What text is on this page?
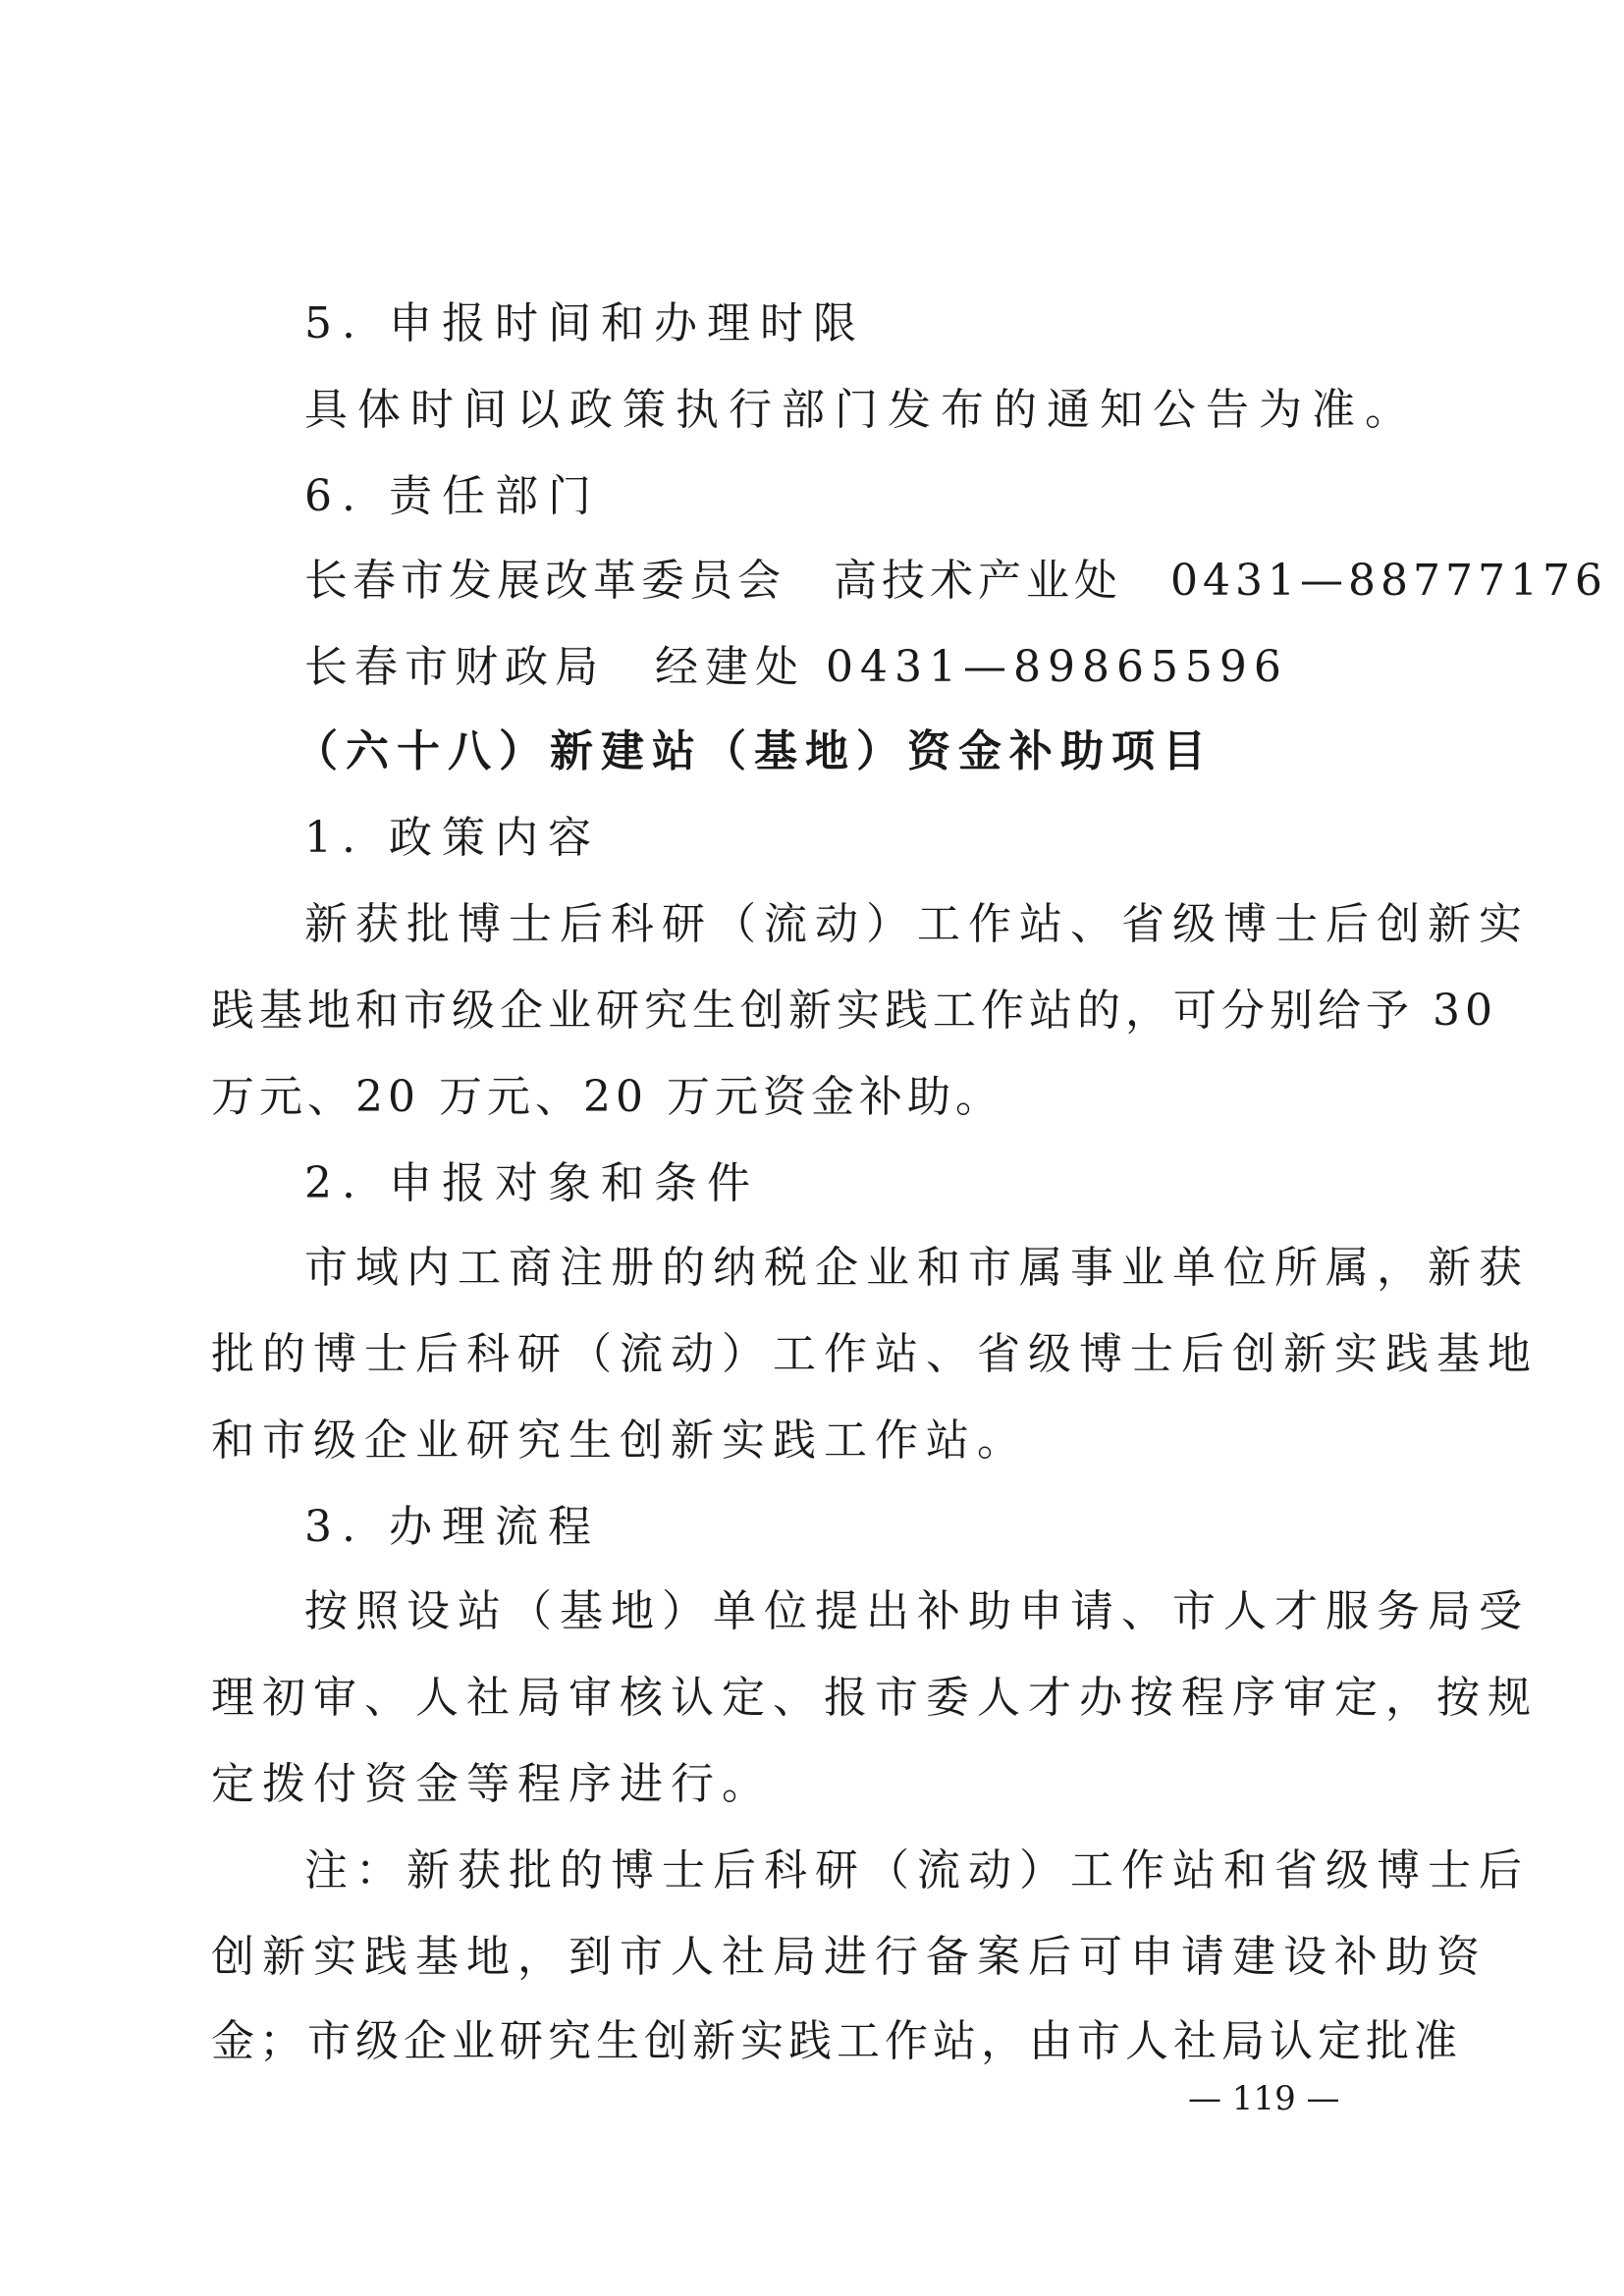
5. 申报时间和办理时限
具体时间以政策执行部门发布的通知公告为准。
6. 责任部门
长春市发展改革委员会　高技术产业处　0431—88777176
长春市财政局　经建处 0431—89865596
（六十八）新建站（基地）资金补助项目
1. 政策内容
新获批博士后科研（流动）工作站、省级博士后创新实
践基地和市级企业研究生创新实践工作站的，可分别给予 30
万元、20 万元、20 万元资金补助。
2. 申报对象和条件
市域内工商注册的纳税企业和市属事业单位所属，新获
批的博士后科研（流动）工作站、省级博士后创新实践基地
和市级企业研究生创新实践工作站。
3. 办理流程
按照设站（基地）单位提出补助申请、市人才服务局受
理初审、人社局审核认定、报市委人才办按程序审定，按规
定拨付资金等程序进行。
注：新获批的博士后科研（流动）工作站和省级博士后
创新实践基地，到市人社局进行备案后可申请建设补助资
金；市级企业研究生创新实践工作站，由市人社局认定批准
— 119 —
